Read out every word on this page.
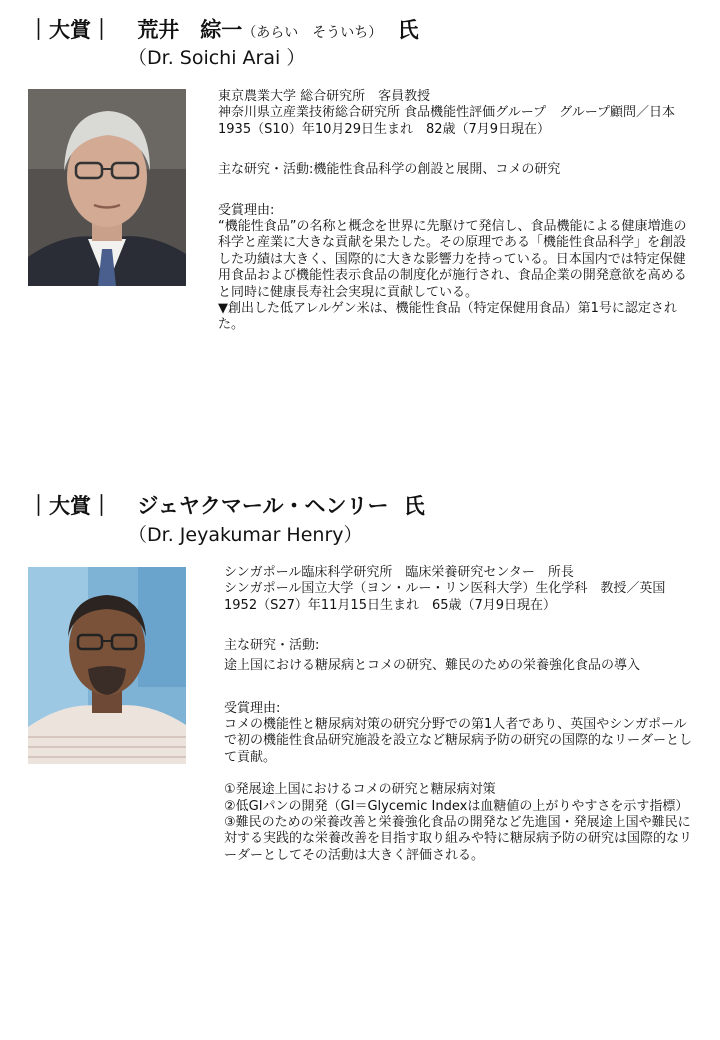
｜大賞｜ 荒井　綜一（あらい　そういち） 氏
（Dr. Soichi Arai ）

東京農業大学 総合研究所　客員教授

神奈川県立産業技術総合研究所 食品機能性評価グループ　グループ顧問／日本

1935（S10）年10月29日生まれ　82歳（7月9日現在）

主な研究・活動:機能性食品科学の創設と展開、コメの研究

受賞理由:

“機能性食品”の名称と概念を世界に先駆けて発信し、食品機能による健康増進の科学と産業に大きな貢献を果たした。その原理である「機能性食品科学」を創設した功績は大きく、国際的に大きな影響力を持っている。日本国内では特定保健用食品および機能性表示食品の制度化が施行され、食品企業の開発意欲を高めると同時に健康長寿社会実現に貢献している。

▼創出した低アレルゲン米は、機能性食品（特定保健用食品）第1号に認定された。

｜大賞｜ ジェヤクマール・ヘンリー 氏
（Dr. Jeyakumar Henry）

シンガポール臨床科学研究所　臨床栄養研究センター　所長

シンガポール国立大学（ヨン・ルー・リン医科大学）生化学科　教授／英国

1952（S27）年11月15日生まれ　65歳（7月9日現在）

主な研究・活動:

途上国における糖尿病とコメの研究、難民のための栄養強化食品の導入

受賞理由:

コメの機能性と糖尿病対策の研究分野での第1人者であり、英国やシンガポールで初の機能性食品研究施設を設立など糖尿病予防の研究の国際的なリーダーとして貢献。

①発展途上国におけるコメの研究と糖尿病対策

②低GIパンの開発（GI＝Glycemic Indexは血糖値の上がりやすさを示す指標）

③難民のための栄養改善と栄養強化食品の開発など先進国・発展途上国や難民に対する実践的な栄養改善を目指す取り組みや特に糖尿病予防の研究は国際的なリーダーとしてその活動は大きく評価される。
